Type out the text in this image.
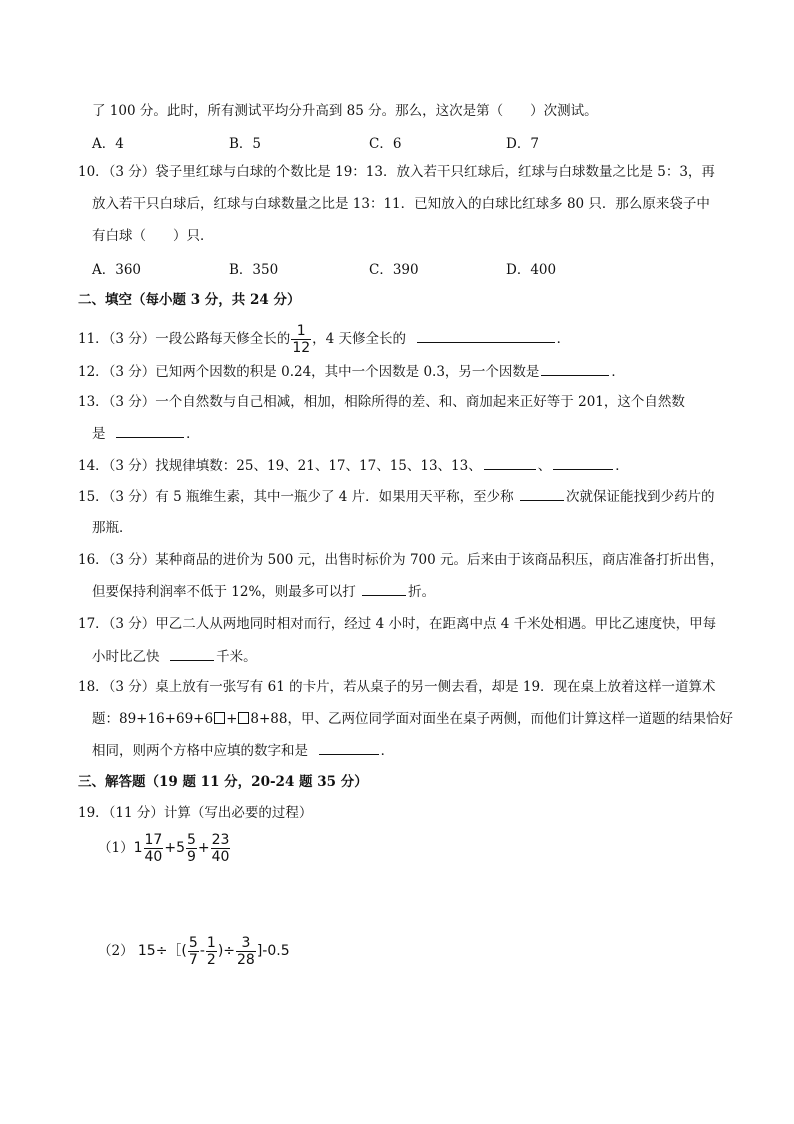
了 100 分。此时，所有测试平均分升高到 85 分。那么，这次是第（　　）次测试。
A．4	B．5	C．6	D．7
10．（3 分）袋子里红球与白球的个数比是 19：13．放入若干只红球后，红球与白球数量之比是 5：3，再
放入若干只白球后，红球与白球数量之比是 13：11．已知放入的白球比红球多 80 只．那么原来袋子中
有白球（　　）只．
A．360	B．350	C．390	D．400
二、填空（每小题 3 分，共 24 分）
11．（3 分）一段公路每天修全长的 $\frac{1}{12}$ ，4 天修全长的	．
12．（3 分）已知两个因数的积是 0.24，其中一个因数是 0.3，另一个因数是	．
13．（3 分）一个自然数与自己相减，相加，相除所得的差、和、商加起来正好等于 201，这个自然数
是	．
14．（3 分）找规律填数：25、19、21、17、17、15、13、13、	、	．
15．（3 分）有 5 瓶维生素，其中一瓶少了 4 片．如果用天平称，至少称	次就保证能找到少药片的
那瓶．
16．（3 分）某种商品的进价为 500 元，出售时标价为 700 元。后来由于该商品积压，商店准备打折出售，
但要保持利润率不低于 12%，则最多可以打	折。
17．（3 分）甲乙二人从两地同时相对而行，经过 4 小时，在距离中点 4 千米处相遇。甲比乙速度快，甲每
小时比乙快	千米。
18．（3 分）桌上放有一张写有 61 的卡片，若从桌子的另一侧去看，却是 19．现在桌上放着这样一道算术
题：89+16+69+6 + 8+88，甲、乙两位同学面对面坐在桌子两侧，而他们计算这样一道题的结果恰好
相同，则两个方格中应填的数字和是	．
三、解答题（19 题 11 分，20-24 题 35 分）
19．（11 分）计算（写出必要的过程）
$(1)1 \frac{17}{40} +5 \frac{5}{9} + \frac{23}{40}$
（2） 15÷［( $\frac{5}{7} - \frac{1}{2}$ )÷ $\frac{3}{28} ]-0.5$
